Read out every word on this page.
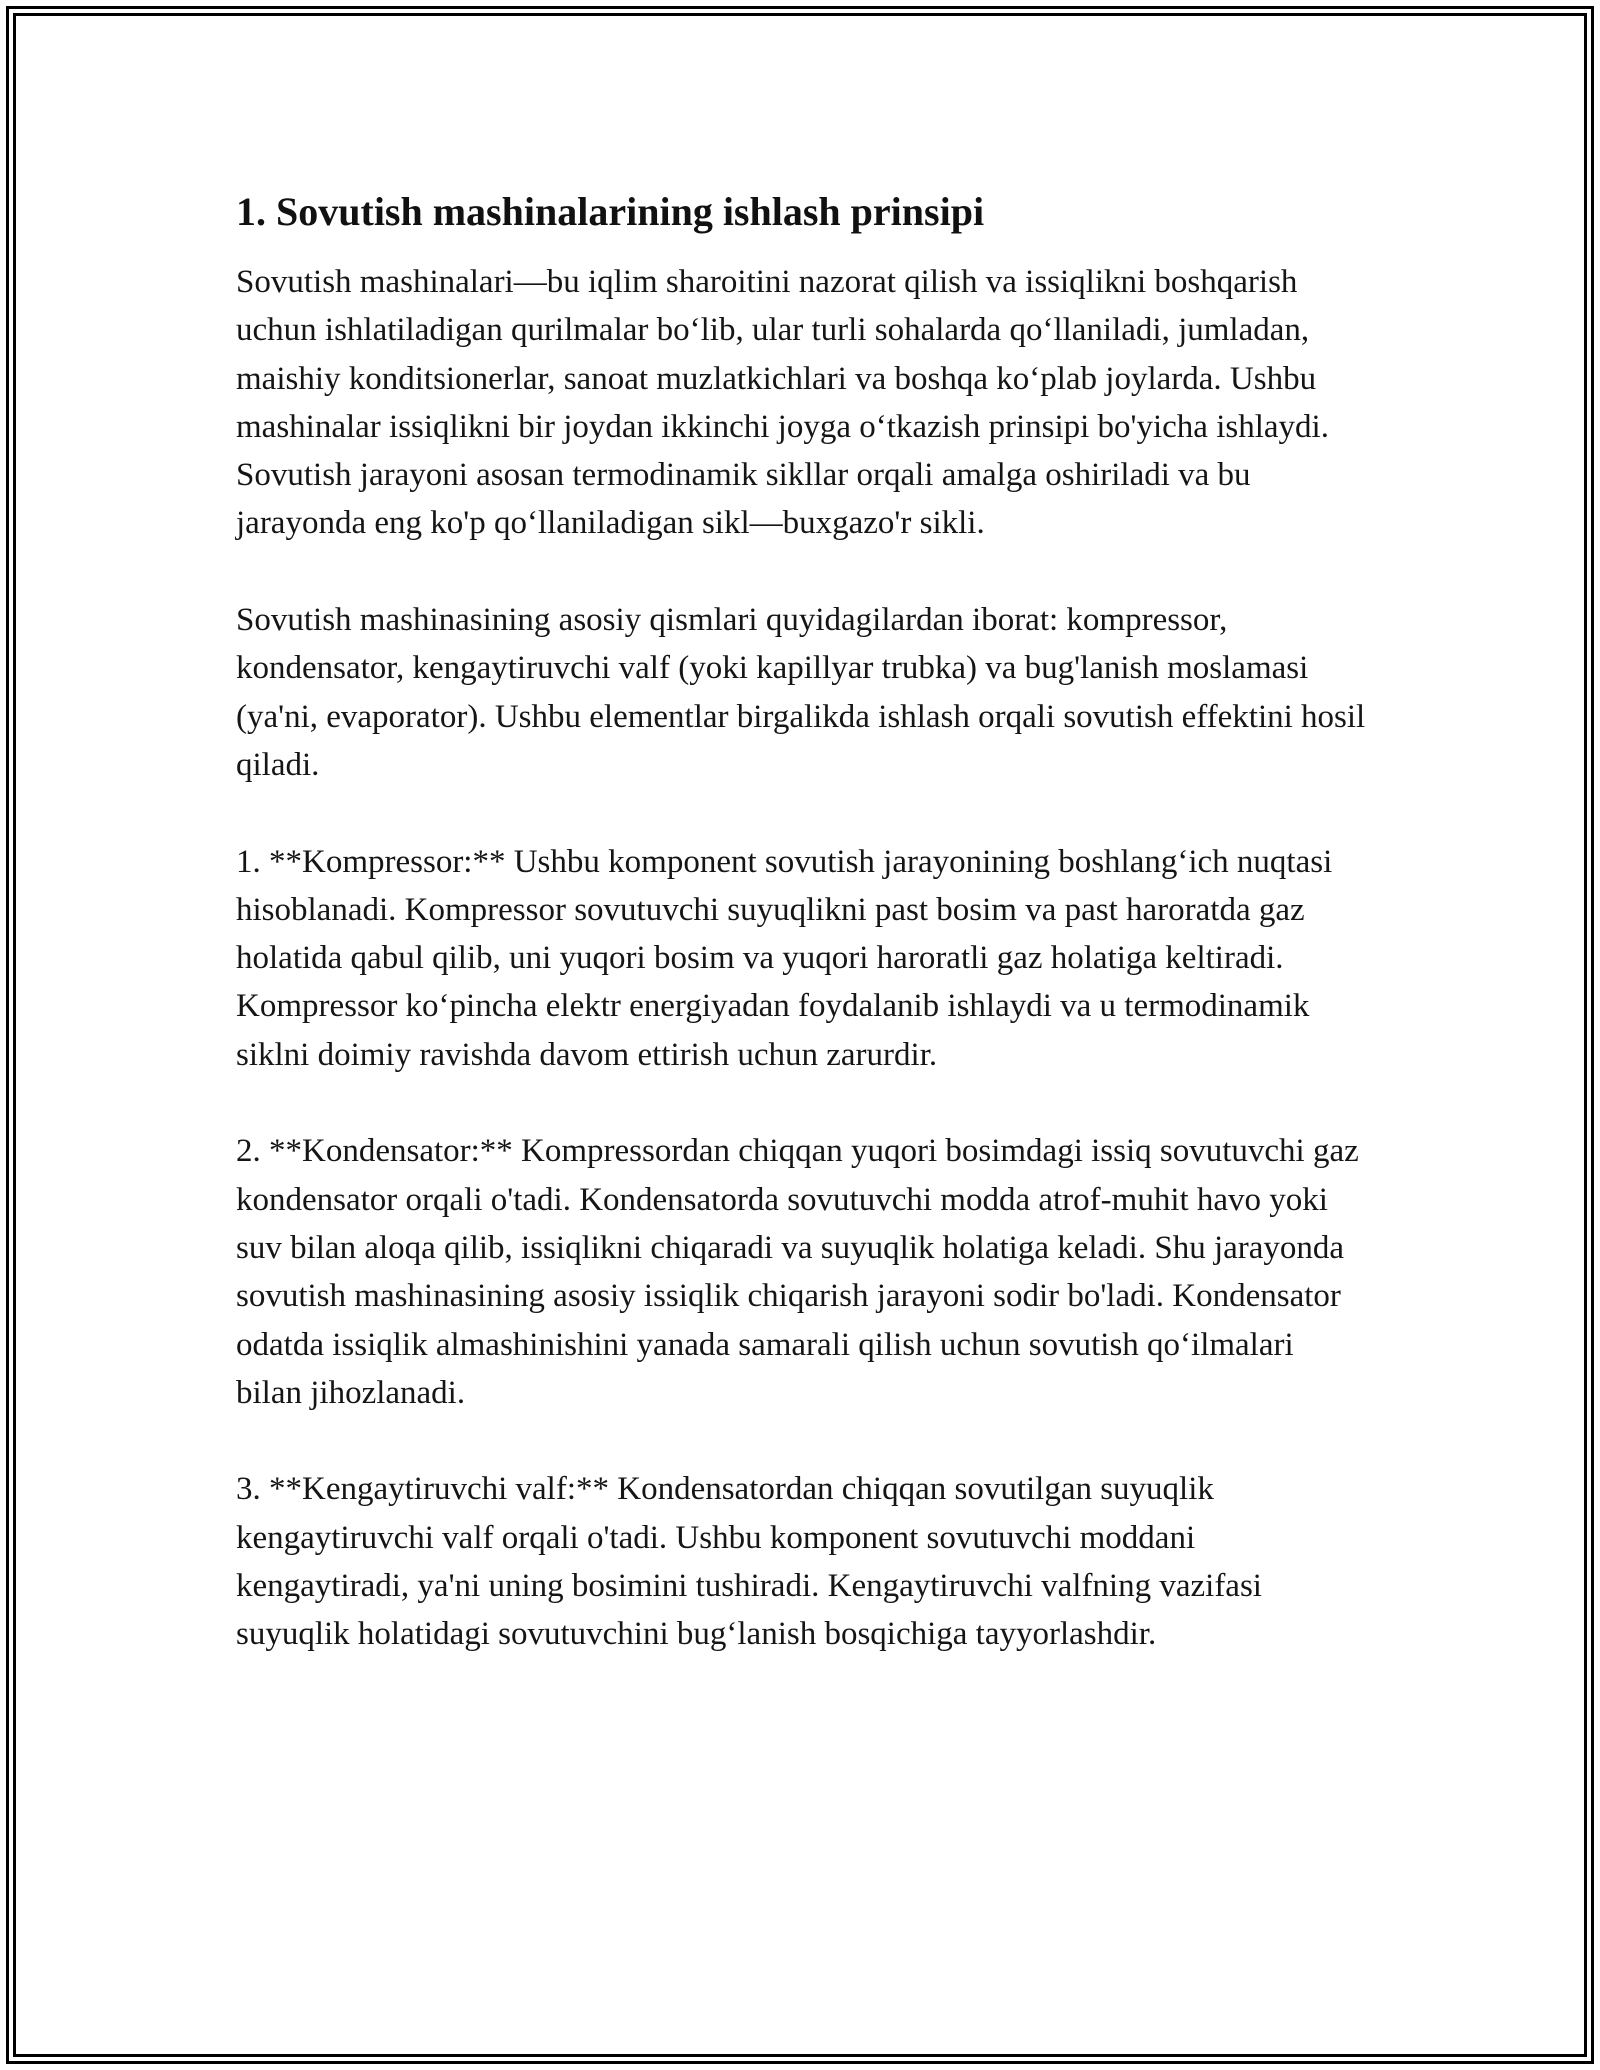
1. Sovutish mashinalarining ishlash prinsipi

Sovutish mashinalari—bu iqlim sharoitini nazorat qilish va issiqlikni boshqarish uchun ishlatiladigan qurilmalar bo‘lib, ular turli sohalarda qo‘llaniladi, jumladan, maishiy konditsionerlar, sanoat muzlatkichlari va boshqa ko‘plab joylarda. Ushbu mashinalar issiqlikni bir joydan ikkinchi joyga o‘tkazish prinsipi bo'yicha ishlaydi. Sovutish jarayoni asosan termodinamik sikllar orqali amalga oshiriladi va bu jarayonda eng ko'p qo‘llaniladigan sikl—buxgazo'r sikli.

Sovutish mashinasining asosiy qismlari quyidagilardan iborat: kompressor, kondensator, kengaytiruvchi valf (yoki kapillyar trubka) va bug'lanish moslamasi (ya'ni, evaporator). Ushbu elementlar birgalikda ishlash orqali sovutish effektini hosil qiladi.

1. **Kompressor:** Ushbu komponent sovutish jarayonining boshlang‘ich nuqtasi hisoblanadi. Kompressor sovutuvchi suyuqlikni past bosim va past haroratda gaz holatida qabul qilib, uni yuqori bosim va yuqori haroratli gaz holatiga keltiradi. Kompressor ko‘pincha elektr energiyadan foydalanib ishlaydi va u termodinamik siklni doimiy ravishda davom ettirish uchun zarurdir.

2. **Kondensator:** Kompressordan chiqqan yuqori bosimdagi issiq sovutuvchi gaz kondensator orqali o'tadi. Kondensatorda sovutuvchi modda atrof-muhit havo yoki suv bilan aloqa qilib, issiqlikni chiqaradi va suyuqlik holatiga keladi. Shu jarayonda sovutish mashinasining asosiy issiqlik chiqarish jarayoni sodir bo'ladi. Kondensator odatda issiqlik almashinishini yanada samarali qilish uchun sovutish qo‘ilmalari bilan jihozlanadi.

3. **Kengaytiruvchi valf:** Kondensatordan chiqqan sovutilgan suyuqlik kengaytiruvchi valf orqali o'tadi. Ushbu komponent sovutuvchi moddani kengaytiradi, ya'ni uning bosimini tushiradi. Kengaytiruvchi valfning vazifasi suyuqlik holatidagi sovutuvchini bug‘lanish bosqichiga tayyorlashdir.
